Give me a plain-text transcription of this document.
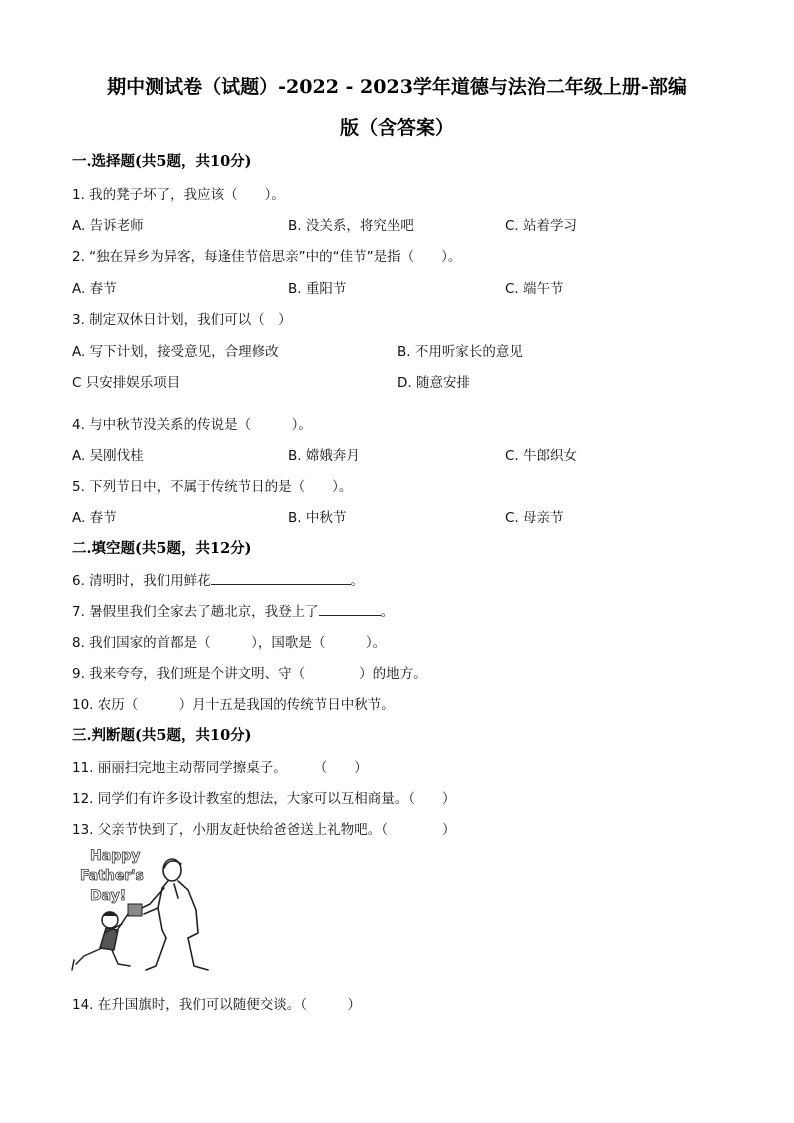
期中测试卷（试题）-2022 - 2023学年道德与法治二年级上册-部编
版（含答案）
一.选择题(共5题，共10分)
1. 我的凳子坏了，我应该（　　）。
A. 告诉老师	B. 没关系，将究坐吧	C. 站着学习
2. “独在异乡为异客，每逢佳节倍思亲”中的“佳节”是指（　　）。
A. 春节	B. 重阳节	C. 端午节
3. 制定双休日计划，我们可以（　）
A. 写下计划，接受意见，合理修改	B. 不用听家长的意见
C 只安排娱乐项目	D. 随意安排
4. 与中秋节没关系的传说是（　　　）。
A. 吴刚伐桂	B. 嫦娥奔月	C. 牛郎织女
5. 下列节日中，不属于传统节日的是（　　）。
A. 春节	B. 中秋节	C. 母亲节
二.填空题(共5题，共12分)
6. 清明时，我们用鲜花	。
7. 暑假里我们全家去了趟北京，我登上了	。
8. 我们国家的首都是（　　　），国歌是（　　　）。
9. 我来夸夸，我们班是个讲文明、守（　　　　）的地方。
10. 农历（　　　）月十五是我国的传统节日中秋节。
三.判断题(共5题，共10分)
11. 丽丽扫完地主动帮同学擦桌子。　　　（　　）
12. 同学们有许多设计教室的想法，大家可以互相商量。（　　）
13. 父亲节快到了，小朋友赶快给爸爸送上礼物吧。（　　　　）
Happy
Father's
Day!
14. 在升国旗时，我们可以随便交谈。（　　　）
